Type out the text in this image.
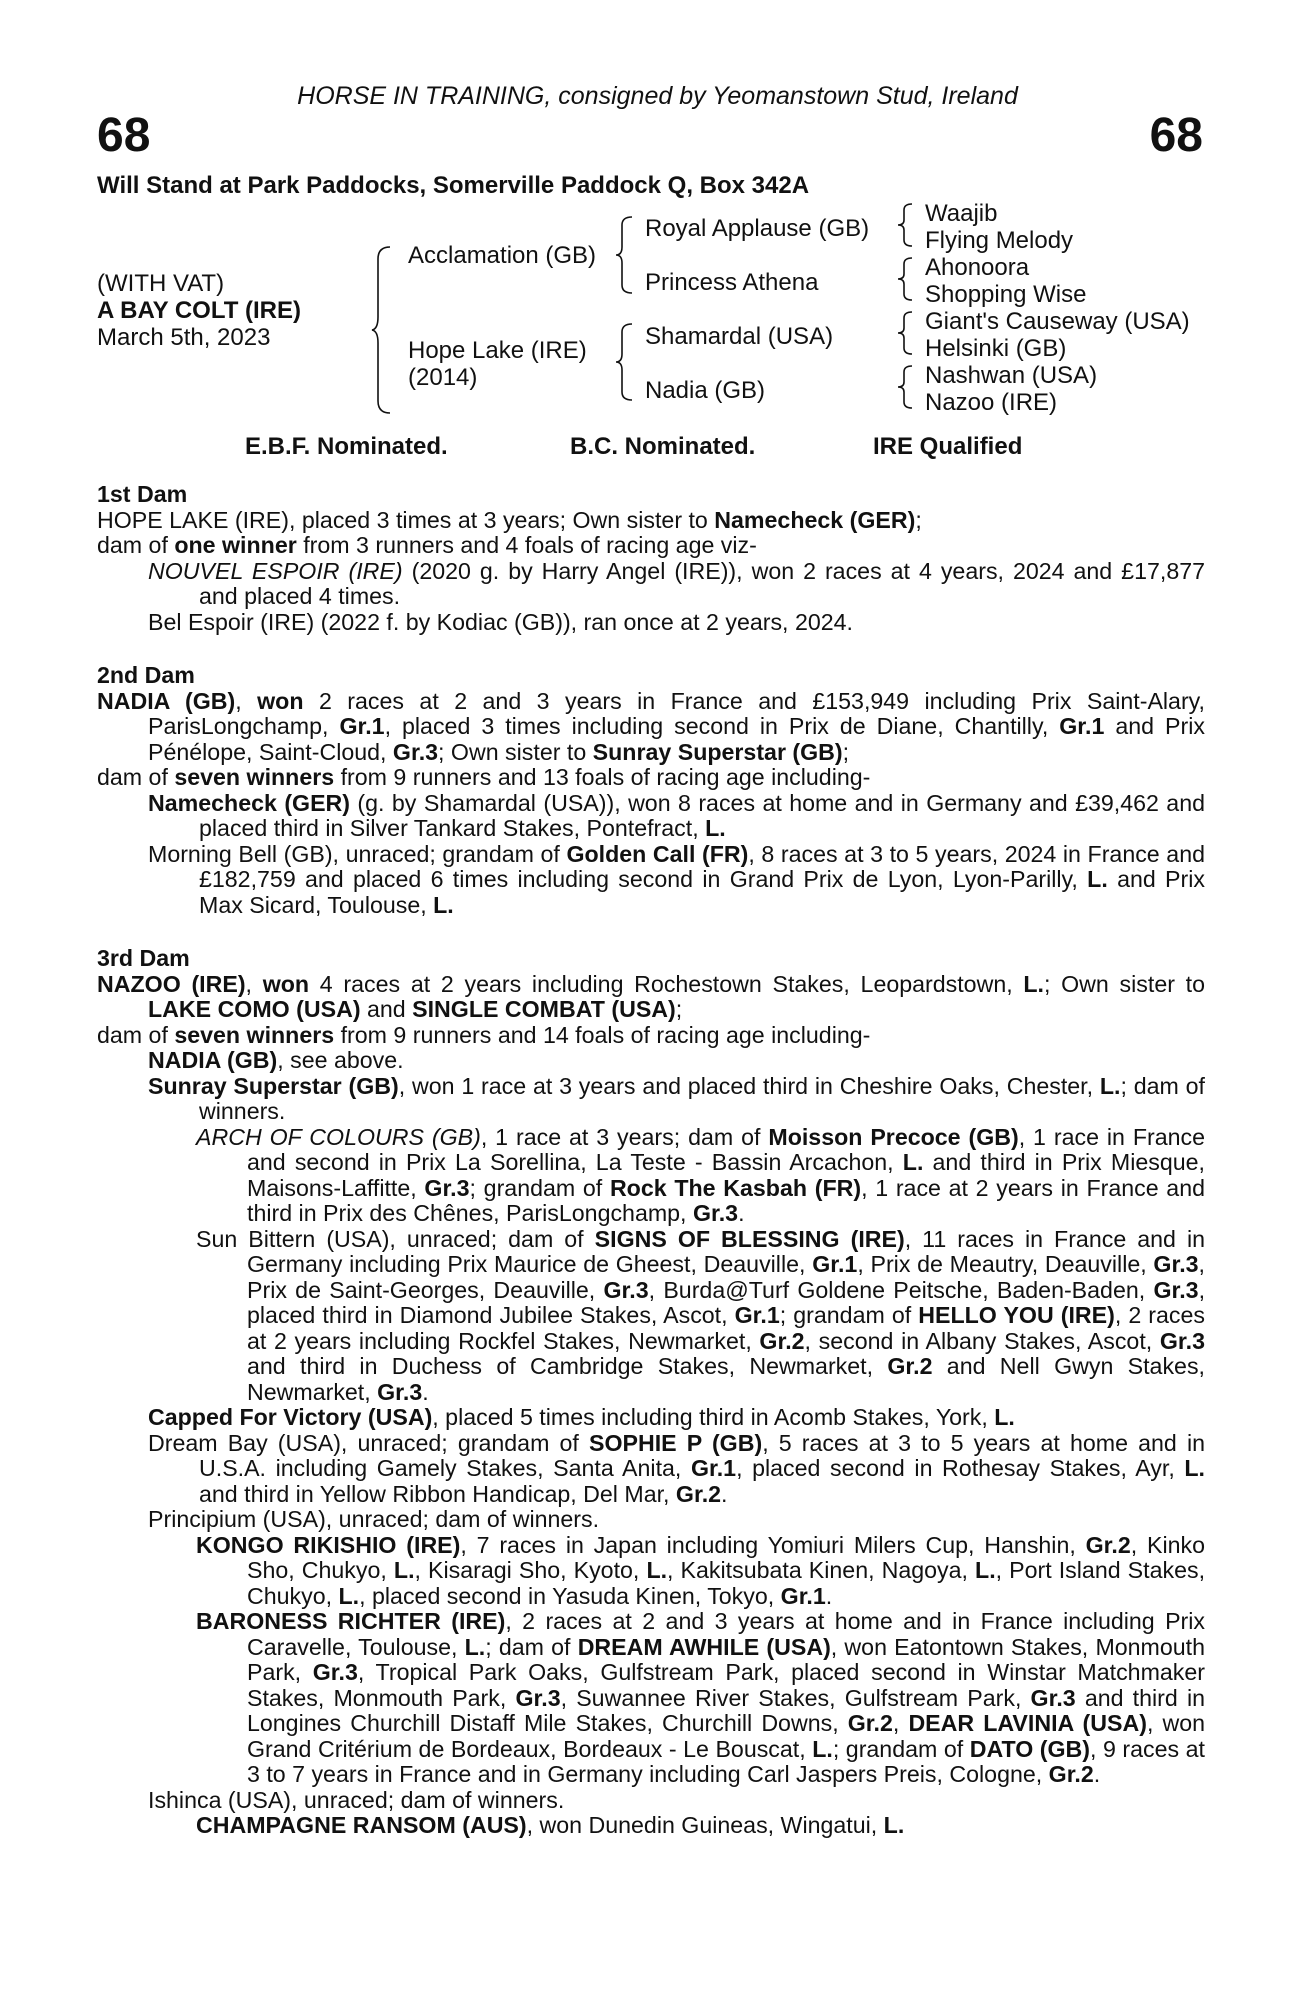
HORSE IN TRAINING, consigned by Yeomanstown Stud, Ireland
68	68
Will Stand at Park Paddocks, Somerville Paddock Q, Box 342A
(WITH VAT)
A BAY COLT (IRE)
March 5th, 2023
Acclamation (GB)
Hope Lake (IRE)
(2014)
Royal Applause (GB)
Princess Athena
Shamardal (USA)
Nadia (GB)
Waajib
Flying Melody
Ahonoora
Shopping Wise
Giant's Causeway (USA)
Helsinki (GB)
Nashwan (USA)
Nazoo (IRE)
E.B.F. Nominated.	B.C. Nominated.	IRE Qualified
1st Dam
HOPE LAKE (IRE), placed 3 times at 3 years; Own sister to Namecheck (GER);
dam of one winner from 3 runners and 4 foals of racing age viz-
NOUVEL ESPOIR (IRE) (2020 g. by Harry Angel (IRE)), won 2 races at 4 years, 2024 and £17,877 and placed 4 times.
Bel Espoir (IRE) (2022 f. by Kodiac (GB)), ran once at 2 years, 2024.
2nd Dam
NADIA (GB), won 2 races at 2 and 3 years in France and £153,949 including Prix Saint-Alary, ParisLongchamp, Gr.1, placed 3 times including second in Prix de Diane, Chantilly, Gr.1 and Prix Pénélope, Saint-Cloud, Gr.3; Own sister to Sunray Superstar (GB);
dam of seven winners from 9 runners and 13 foals of racing age including-
Namecheck (GER) (g. by Shamardal (USA)), won 8 races at home and in Germany and £39,462 and placed third in Silver Tankard Stakes, Pontefract, L.
Morning Bell (GB), unraced; grandam of Golden Call (FR), 8 races at 3 to 5 years, 2024 in France and £182,759 and placed 6 times including second in Grand Prix de Lyon, Lyon-Parilly, L. and Prix Max Sicard, Toulouse, L.
3rd Dam
NAZOO (IRE), won 4 races at 2 years including Rochestown Stakes, Leopardstown, L.; Own sister to LAKE COMO (USA) and SINGLE COMBAT (USA);
dam of seven winners from 9 runners and 14 foals of racing age including-
NADIA (GB), see above.
Sunray Superstar (GB), won 1 race at 3 years and placed third in Cheshire Oaks, Chester, L.; dam of winners.
ARCH OF COLOURS (GB), 1 race at 3 years; dam of Moisson Precoce (GB), 1 race in France and second in Prix La Sorellina, La Teste - Bassin Arcachon, L. and third in Prix Miesque, Maisons-Laffitte, Gr.3; grandam of Rock The Kasbah (FR), 1 race at 2 years in France and third in Prix des Chênes, ParisLongchamp, Gr.3.
Sun Bittern (USA), unraced; dam of SIGNS OF BLESSING (IRE), 11 races in France and in Germany including Prix Maurice de Gheest, Deauville, Gr.1, Prix de Meautry, Deauville, Gr.3, Prix de Saint-Georges, Deauville, Gr.3, Burda@Turf Goldene Peitsche, Baden-Baden, Gr.3, placed third in Diamond Jubilee Stakes, Ascot, Gr.1; grandam of HELLO YOU (IRE), 2 races at 2 years including Rockfel Stakes, Newmarket, Gr.2, second in Albany Stakes, Ascot, Gr.3 and third in Duchess of Cambridge Stakes, Newmarket, Gr.2 and Nell Gwyn Stakes, Newmarket, Gr.3.
Capped For Victory (USA), placed 5 times including third in Acomb Stakes, York, L.
Dream Bay (USA), unraced; grandam of SOPHIE P (GB), 5 races at 3 to 5 years at home and in U.S.A. including Gamely Stakes, Santa Anita, Gr.1, placed second in Rothesay Stakes, Ayr, L. and third in Yellow Ribbon Handicap, Del Mar, Gr.2.
Principium (USA), unraced; dam of winners.
KONGO RIKISHIO (IRE), 7 races in Japan including Yomiuri Milers Cup, Hanshin, Gr.2, Kinko Sho, Chukyo, L., Kisaragi Sho, Kyoto, L., Kakitsubata Kinen, Nagoya, L., Port Island Stakes, Chukyo, L., placed second in Yasuda Kinen, Tokyo, Gr.1.
BARONESS RICHTER (IRE), 2 races at 2 and 3 years at home and in France including Prix Caravelle, Toulouse, L.; dam of DREAM AWHILE (USA), won Eatontown Stakes, Monmouth Park, Gr.3, Tropical Park Oaks, Gulfstream Park, placed second in Winstar Matchmaker Stakes, Monmouth Park, Gr.3, Suwannee River Stakes, Gulfstream Park, Gr.3 and third in Longines Churchill Distaff Mile Stakes, Churchill Downs, Gr.2, DEAR LAVINIA (USA), won Grand Critérium de Bordeaux, Bordeaux - Le Bouscat, L.; grandam of DATO (GB), 9 races at 3 to 7 years in France and in Germany including Carl Jaspers Preis, Cologne, Gr.2.
Ishinca (USA), unraced; dam of winners.
CHAMPAGNE RANSOM (AUS), won Dunedin Guineas, Wingatui, L.
